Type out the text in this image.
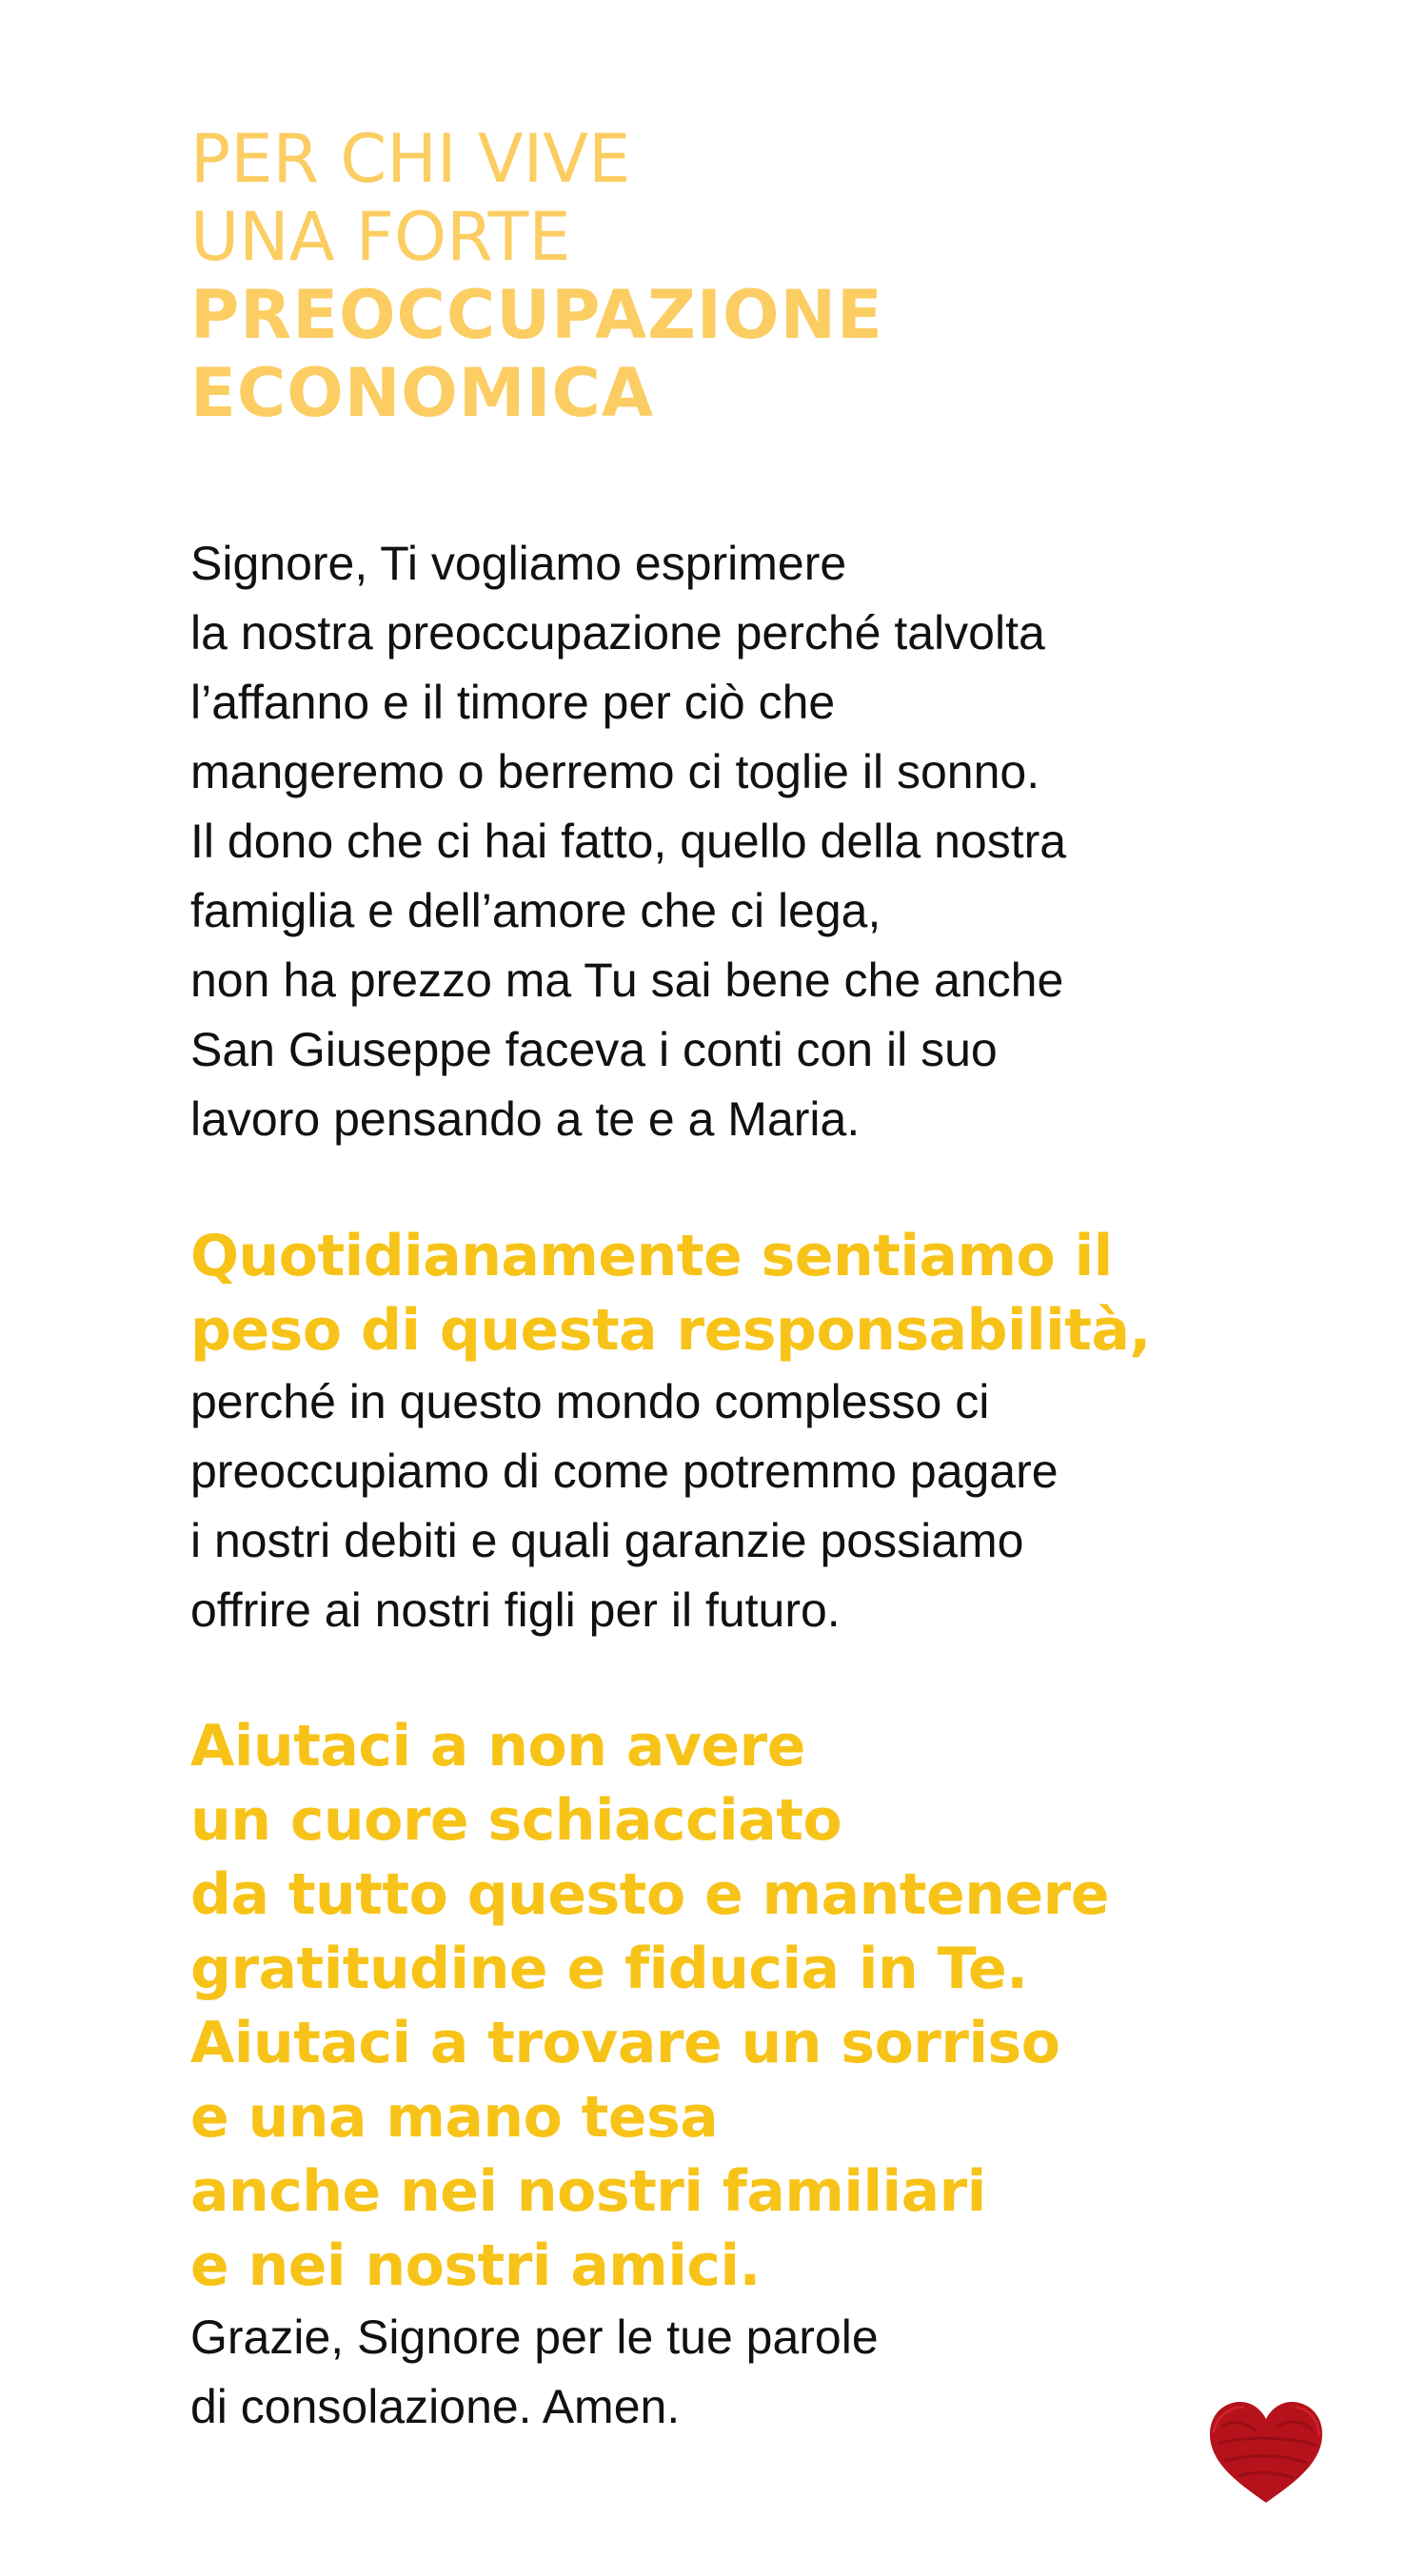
PER CHI VIVE
UNA FORTE
PREOCCUPAZIONE
ECONOMICA
Signore, Ti vogliamo esprimere
la nostra preoccupazione perché talvolta
l’affanno e il timore per ciò che
mangeremo o berremo ci toglie il sonno.
Il dono che ci hai fatto, quello della nostra
famiglia e dell’amore che ci lega,
non ha prezzo ma Tu sai bene che anche
San Giuseppe faceva i conti con il suo
lavoro pensando a te e a Maria.
Quotidianamente sentiamo il
peso di questa responsabilità,
perché in questo mondo complesso ci
preoccupiamo di come potremmo pagare
i nostri debiti e quali garanzie possiamo
offrire ai nostri figli per il futuro.
Aiutaci a non avere
un cuore schiacciato
da tutto questo e mantenere
gratitudine e fiducia in Te.
Aiutaci a trovare un sorriso
e una mano tesa
anche nei nostri familiari
e nei nostri amici.
Grazie, Signore per le tue parole
di consolazione. Amen.
